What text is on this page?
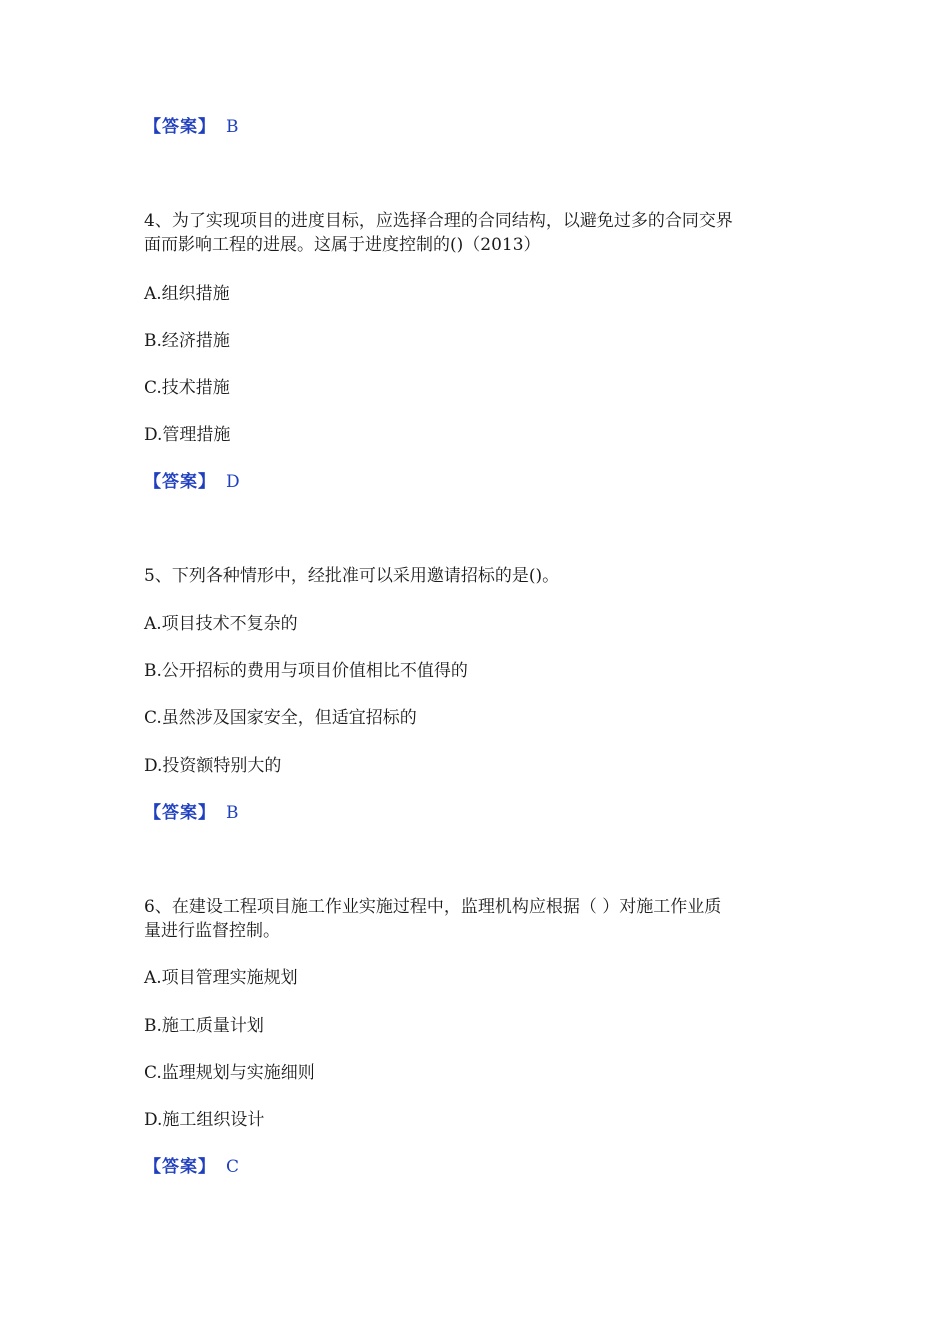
【答案】 B
4、为了实现项目的进度目标，应选择合理的合同结构，以避免过多的合同交界
面而影响工程的进展。这属于进度控制的()（2013）
A.组织措施
B.经济措施
C.技术措施
D.管理措施
【答案】 D
5、下列各种情形中，经批准可以采用邀请招标的是()。
A.项目技术不复杂的
B.公开招标的费用与项目价值相比不值得的
C.虽然涉及国家安全，但适宜招标的
D.投资额特别大的
【答案】 B
6、在建设工程项目施工作业实施过程中，监理机构应根据（ ）对施工作业质
量进行监督控制。
A.项目管理实施规划
B.施工质量计划
C.监理规划与实施细则
D.施工组织设计
【答案】 C
